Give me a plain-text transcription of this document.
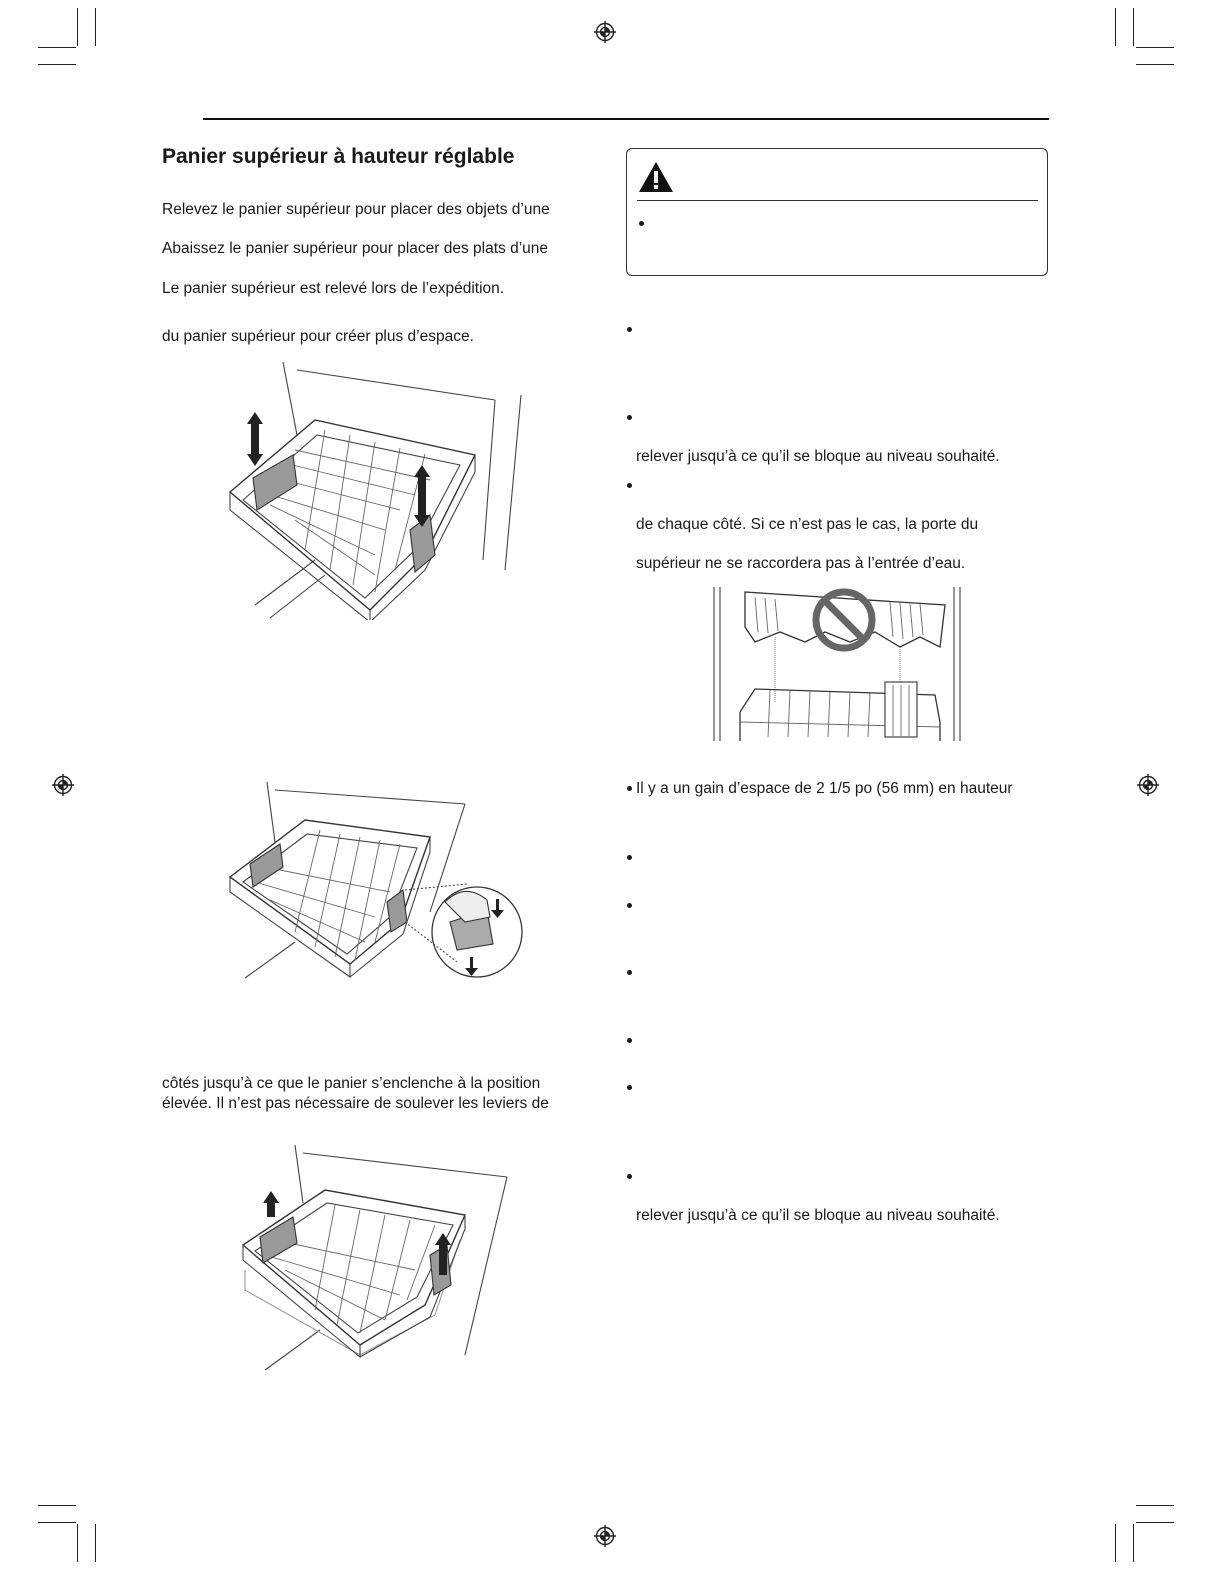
Panier supérieur à hauteur réglable
Relevez le panier supérieur pour placer des objets d’une
Abaissez le panier supérieur pour placer des plats d’une
Le panier supérieur est relevé lors de l’expédition.
du panier supérieur pour créer plus d’espace.
côtés jusqu’à ce que le panier s’enclenche à la position
élevée. Il n’est pas nécessaire de soulever les leviers de
relever jusqu’à ce qu’il se bloque au niveau souhaité.
de chaque côté. Si ce n’est pas le cas, la porte du
supérieur ne se raccordera pas à l’entrée d’eau.
Il y a un gain d’espace de 2 1/5 po (56 mm) en hauteur
relever jusqu’à ce qu’il se bloque au niveau souhaité.
